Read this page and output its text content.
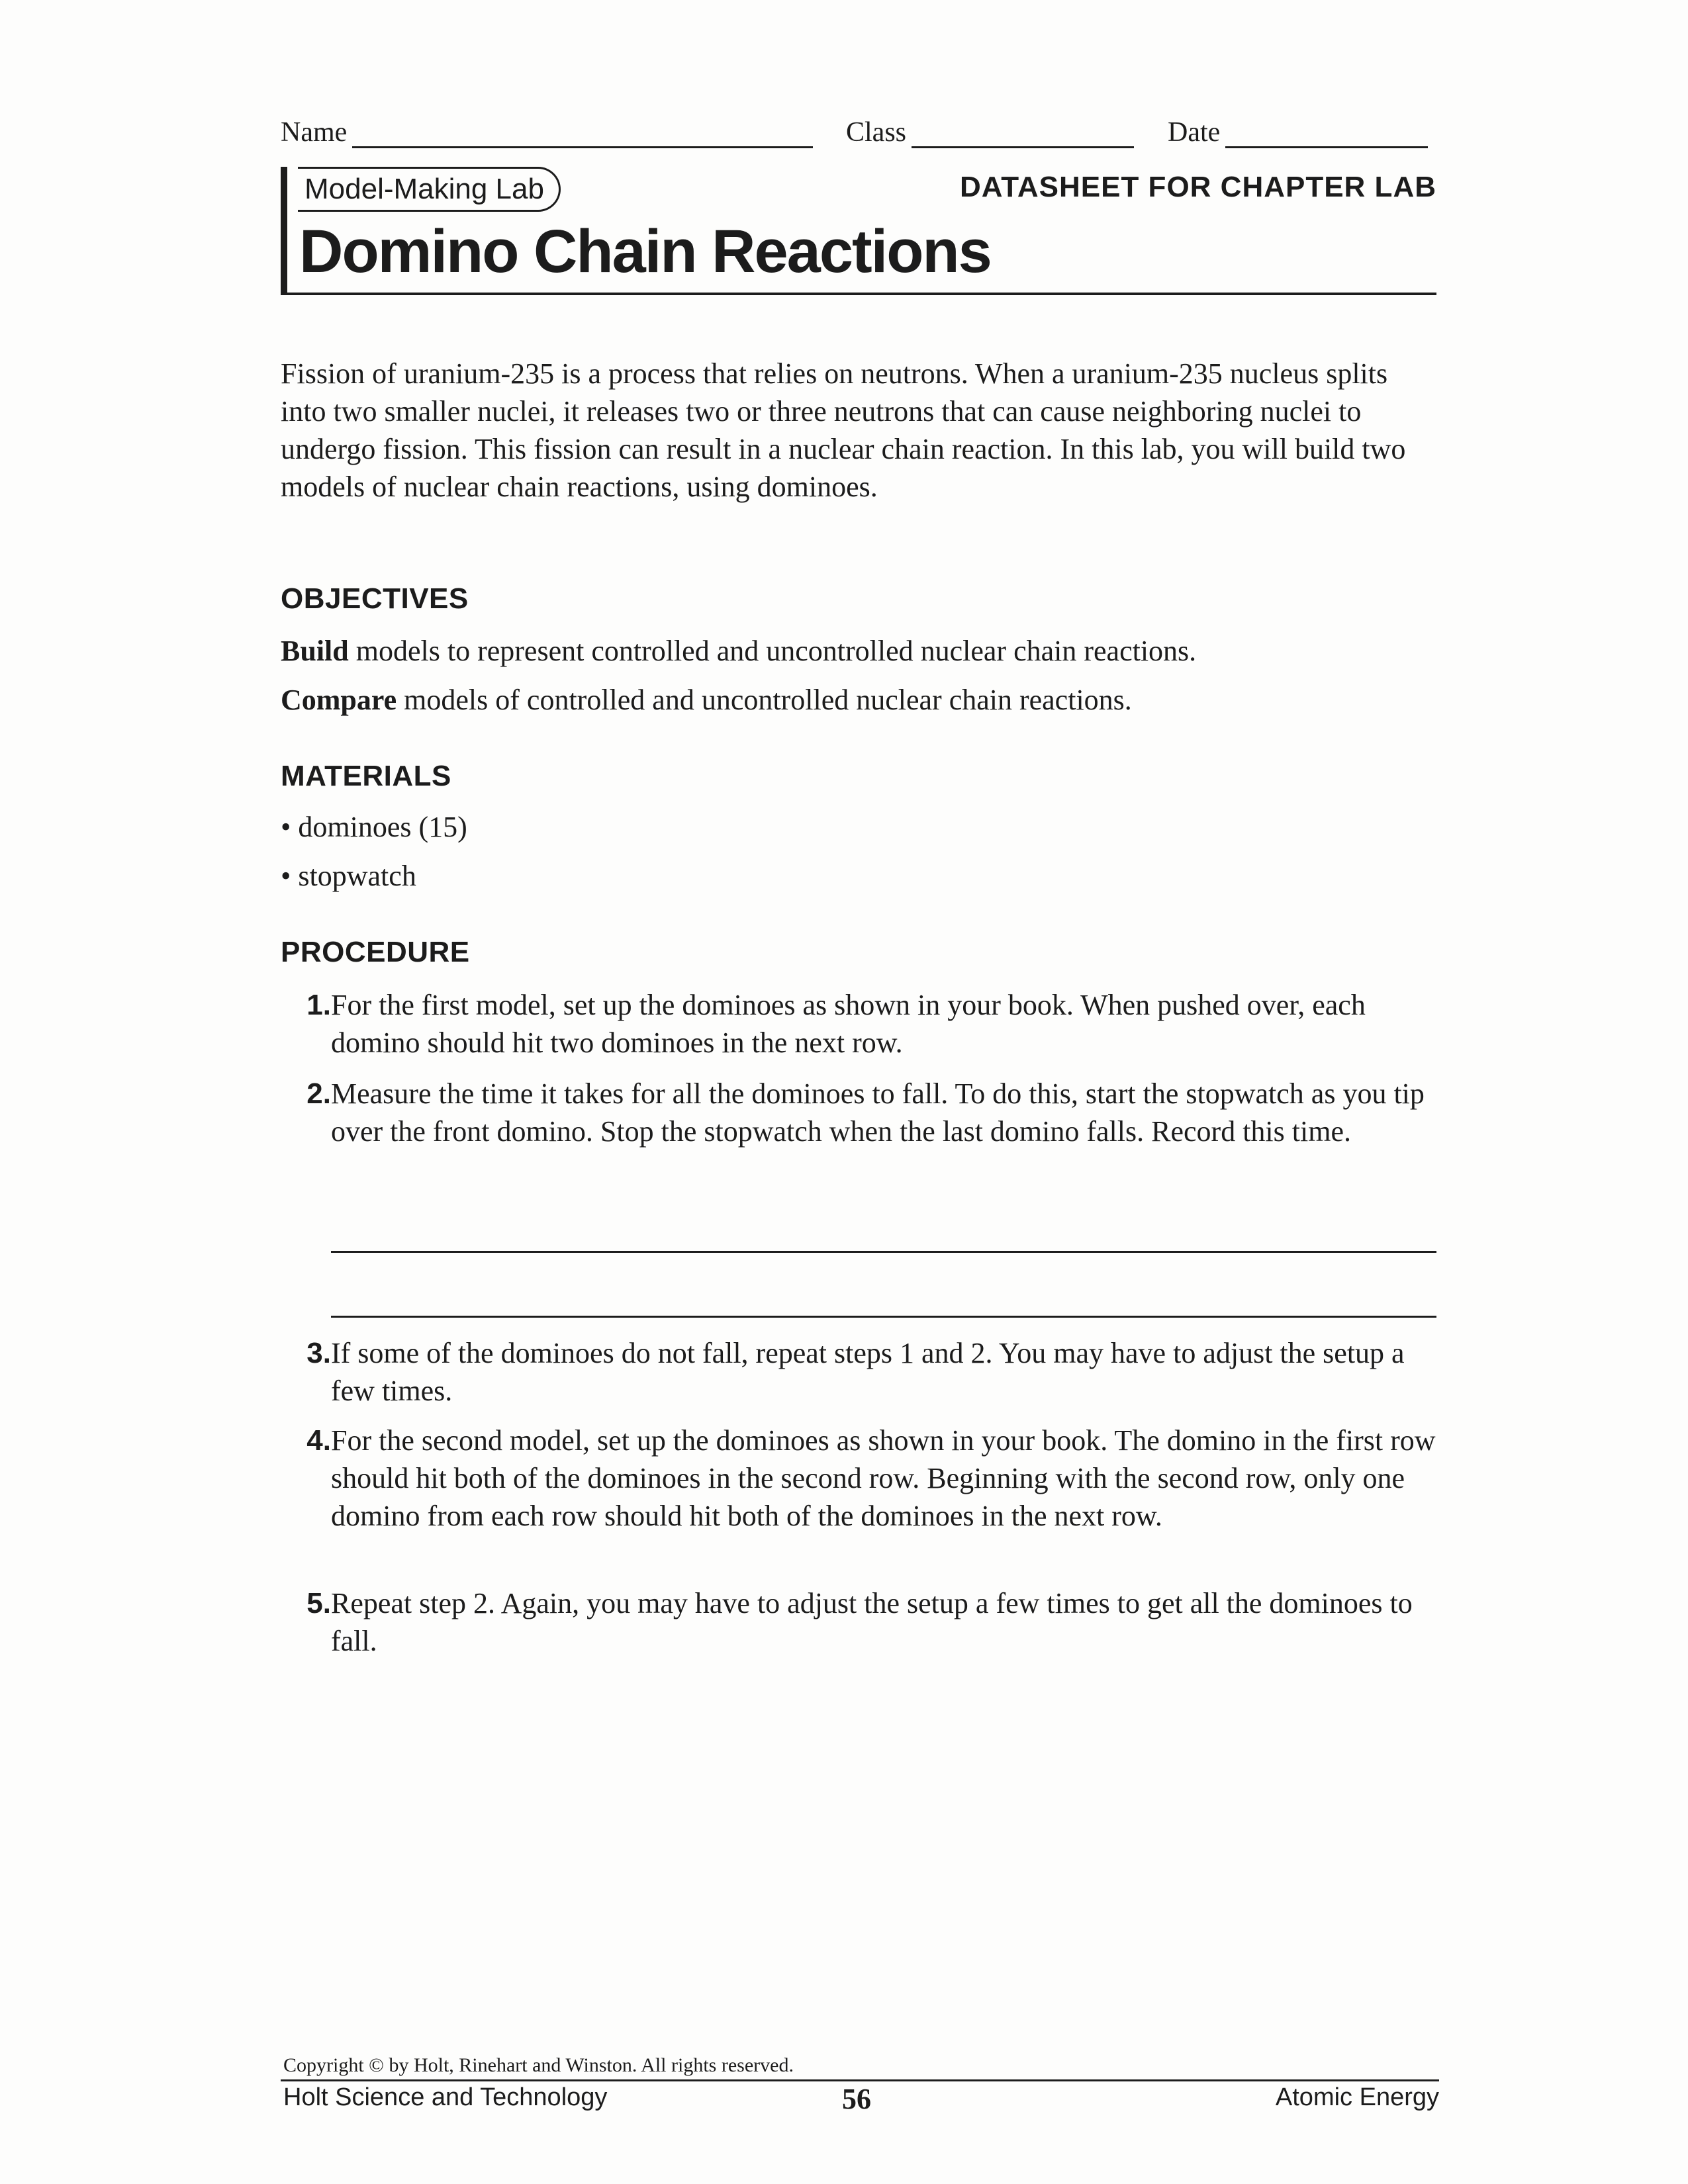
Name	Class	Date
Model-Making Lab	DATASHEET FOR CHAPTER LAB
Domino Chain Reactions

Fission of uranium-235 is a process that relies on neutrons. When a uranium-235 nucleus splits into two smaller nuclei, it releases two or three neutrons that can cause neighboring nuclei to undergo fission. This fission can result in a nuclear chain reaction. In this lab, you will build two models of nuclear chain reactions, using dominoes.

OBJECTIVES
Build models to represent controlled and uncontrolled nuclear chain reactions.
Compare models of controlled and uncontrolled nuclear chain reactions.
MATERIALS
• dominoes (15)
• stopwatch
PROCEDURE
1. For the first model, set up the dominoes as shown in your book. When pushed over, each domino should hit two dominoes in the next row.
2. Measure the time it takes for all the dominoes to fall. To do this, start the stopwatch as you tip over the front domino. Stop the stopwatch when the last domino falls. Record this time.
3. If some of the dominoes do not fall, repeat steps 1 and 2. You may have to adjust the setup a few times.
4. For the second model, set up the dominoes as shown in your book. The domino in the first row should hit both of the dominoes in the second row. Beginning with the second row, only one domino from each row should hit both of the dominoes in the next row.
5. Repeat step 2. Again, you may have to adjust the setup a few times to get all the dominoes to fall.
Copyright © by Holt, Rinehart and Winston. All rights reserved.
Holt Science and Technology	56	Atomic Energy
